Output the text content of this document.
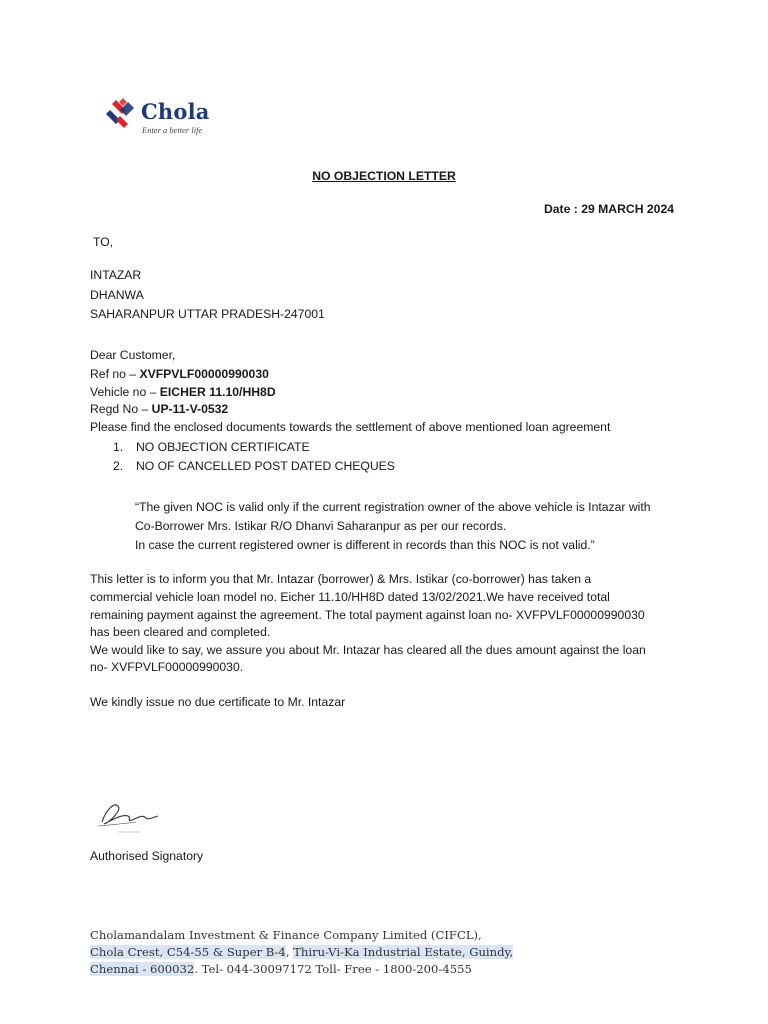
Chola
Enter a better life
NO OBJECTION LETTER
Date : 29 MARCH 2024
TO,
INTAZAR
DHANWA
SAHARANPUR UTTAR PRADESH-247001
Dear Customer,
Ref no – XVFPVLF00000990030
Vehicle no – EICHER 11.10/HH8D
Regd No – UP-11-V-0532
Please find the enclosed documents towards the settlement of above mentioned loan agreement
1. NO OBJECTION CERTIFICATE
2. NO OF CANCELLED POST DATED CHEQUES
“The given NOC is valid only if the current registration owner of the above vehicle is Intazar with
Co-Borrower Mrs. Istikar R/O Dhanvi Saharanpur as per our records.
In case the current registered owner is different in records than this NOC is not valid.”
This letter is to inform you that Mr. Intazar (borrower) & Mrs. Istikar (co-borrower) has taken a
commercial vehicle loan model no. Eicher 11.10/HH8D dated 13/02/2021.We have received total
remaining payment against the agreement. The total payment against loan no- XVFPVLF00000990030
has been cleared and completed.
We would like to say, we assure you about Mr. Intazar has cleared all the dues amount against the loan
no- XVFPVLF00000990030.
We kindly issue no due certificate to Mr. Intazar
Authorised Signatory
Cholamandalam Investment & Finance Company Limited (CIFCL),
Chola Crest, C54-55 & Super B-4, Thiru-Vi-Ka Industrial Estate, Guindy,
Chennai - 600032. Tel- 044-30097172 Toll- Free - 1800-200-4555
